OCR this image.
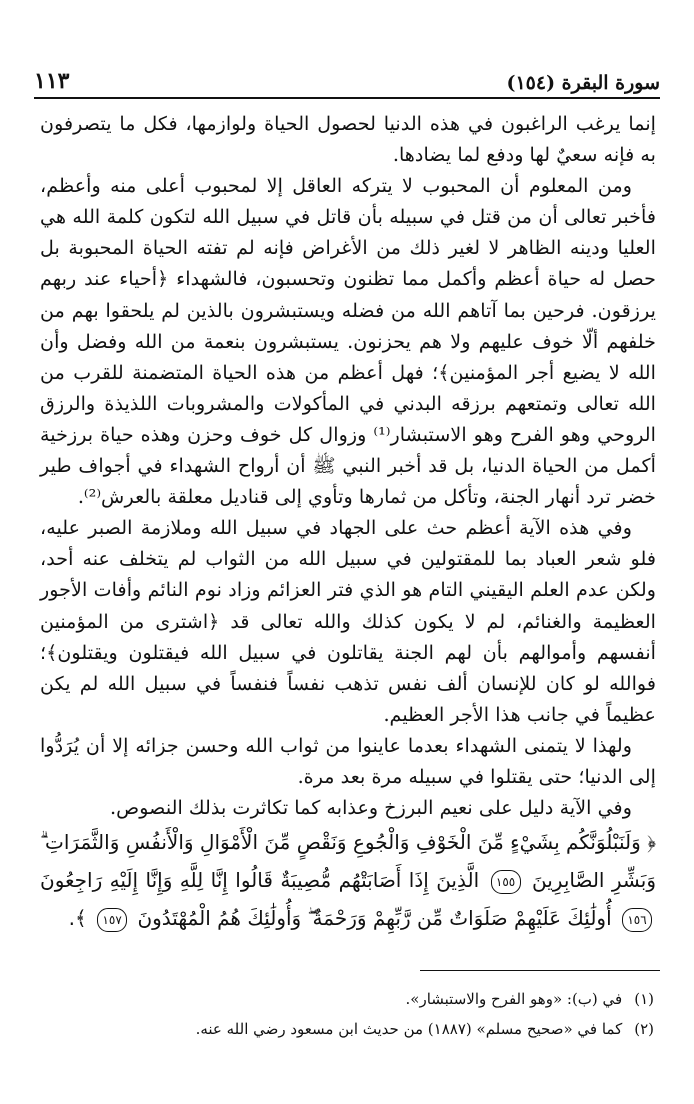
سورة البقرة (١٥٤)
١١٣

إنما يرغب الراغبون في هذه الدنيا لحصول الحياة ولوازمها، فكل ما يتصرفون به فإنه سعيٌ لها ودفع لما يضادها.

ومن المعلوم أن المحبوب لا يتركه العاقل إلا لمحبوب أعلى منه وأعظم، فأخبر تعالى أن من قتل في سبيله بأن قاتل في سبيل الله لتكون كلمة الله هي العليا ودينه الظاهر لا لغير ذلك من الأغراض فإنه لم تفته الحياة المحبوبة بل حصل له حياة أعظم وأكمل مما تظنون وتحسبون، فالشهداء ﴿أحياء عند ربهم يرزقون. فرحين بما آتاهم الله من فضله ويستبشرون بالذين لم يلحقوا بهم من خلفهم ألّا خوف عليهم ولا هم يحزنون. يستبشرون بنعمة من الله وفضل وأن الله لا يضيع أجر المؤمنين﴾؛ فهل أعظم من هذه الحياة المتضمنة للقرب من الله تعالى وتمتعهم برزقه البدني في المأكولات والمشروبات اللذيذة والرزق الروحي وهو الفرح وهو الاستبشار⁽¹⁾ وزوال كل خوف وحزن وهذه حياة برزخية أكمل من الحياة الدنيا، بل قد أخبر النبي ﷺ أن أرواح الشهداء في أجواف طير خضر ترد أنهار الجنة، وتأكل من ثمارها وتأوي إلى قناديل معلقة بالعرش⁽²⁾.

وفي هذه الآية أعظم حث على الجهاد في سبيل الله وملازمة الصبر عليه، فلو شعر العباد بما للمقتولين في سبيل الله من الثواب لم يتخلف عنه أحد، ولكن عدم العلم اليقيني التام هو الذي فتر العزائم وزاد نوم النائم وأفات الأجور العظيمة والغنائم، لم لا يكون كذلك والله تعالى قد ﴿اشترى من المؤمنين أنفسهم وأموالهم بأن لهم الجنة يقاتلون في سبيل الله فيقتلون ويقتلون﴾؛ فوالله لو كان للإنسان ألف نفس تذهب نفساً فنفساً في سبيل الله لم يكن عظيماً في جانب هذا الأجر العظيم.

ولهذا لا يتمنى الشهداء بعدما عاينوا من ثواب الله وحسن جزائه إلا أن يُرَدُّوا إلى الدنيا؛ حتى يقتلوا في سبيله مرة بعد مرة.

وفي الآية دليل على نعيم البرزخ وعذابه كما تكاثرت بذلك النصوص.

﴿ وَلَنَبْلُوَنَّكُم بِشَيْءٍ مِّنَ الْخَوْفِ وَالْجُوعِ وَنَقْصٍ مِّنَ الْأَمْوَالِ وَالْأَنفُسِ وَالثَّمَرَاتِ ۗ وَبَشِّرِ الصَّابِرِينَ ١٥٥ الَّذِينَ إِذَا أَصَابَتْهُم مُّصِيبَةٌ قَالُوا إِنَّا لِلَّهِ وَإِنَّا إِلَيْهِ رَاجِعُونَ ١٥٦ أُولَٰئِكَ عَلَيْهِمْ صَلَوَاتٌ مِّن رَّبِّهِمْ وَرَحْمَةٌ ۖ وَأُولَٰئِكَ هُمُ الْمُهْتَدُونَ ١٥٧ ﴾.

(١)
في (ب): «وهو الفرح والاستبشار».
(٢)
كما في «صحيح مسلم» (١٨٨٧) من حديث ابن مسعود رضي الله عنه.
